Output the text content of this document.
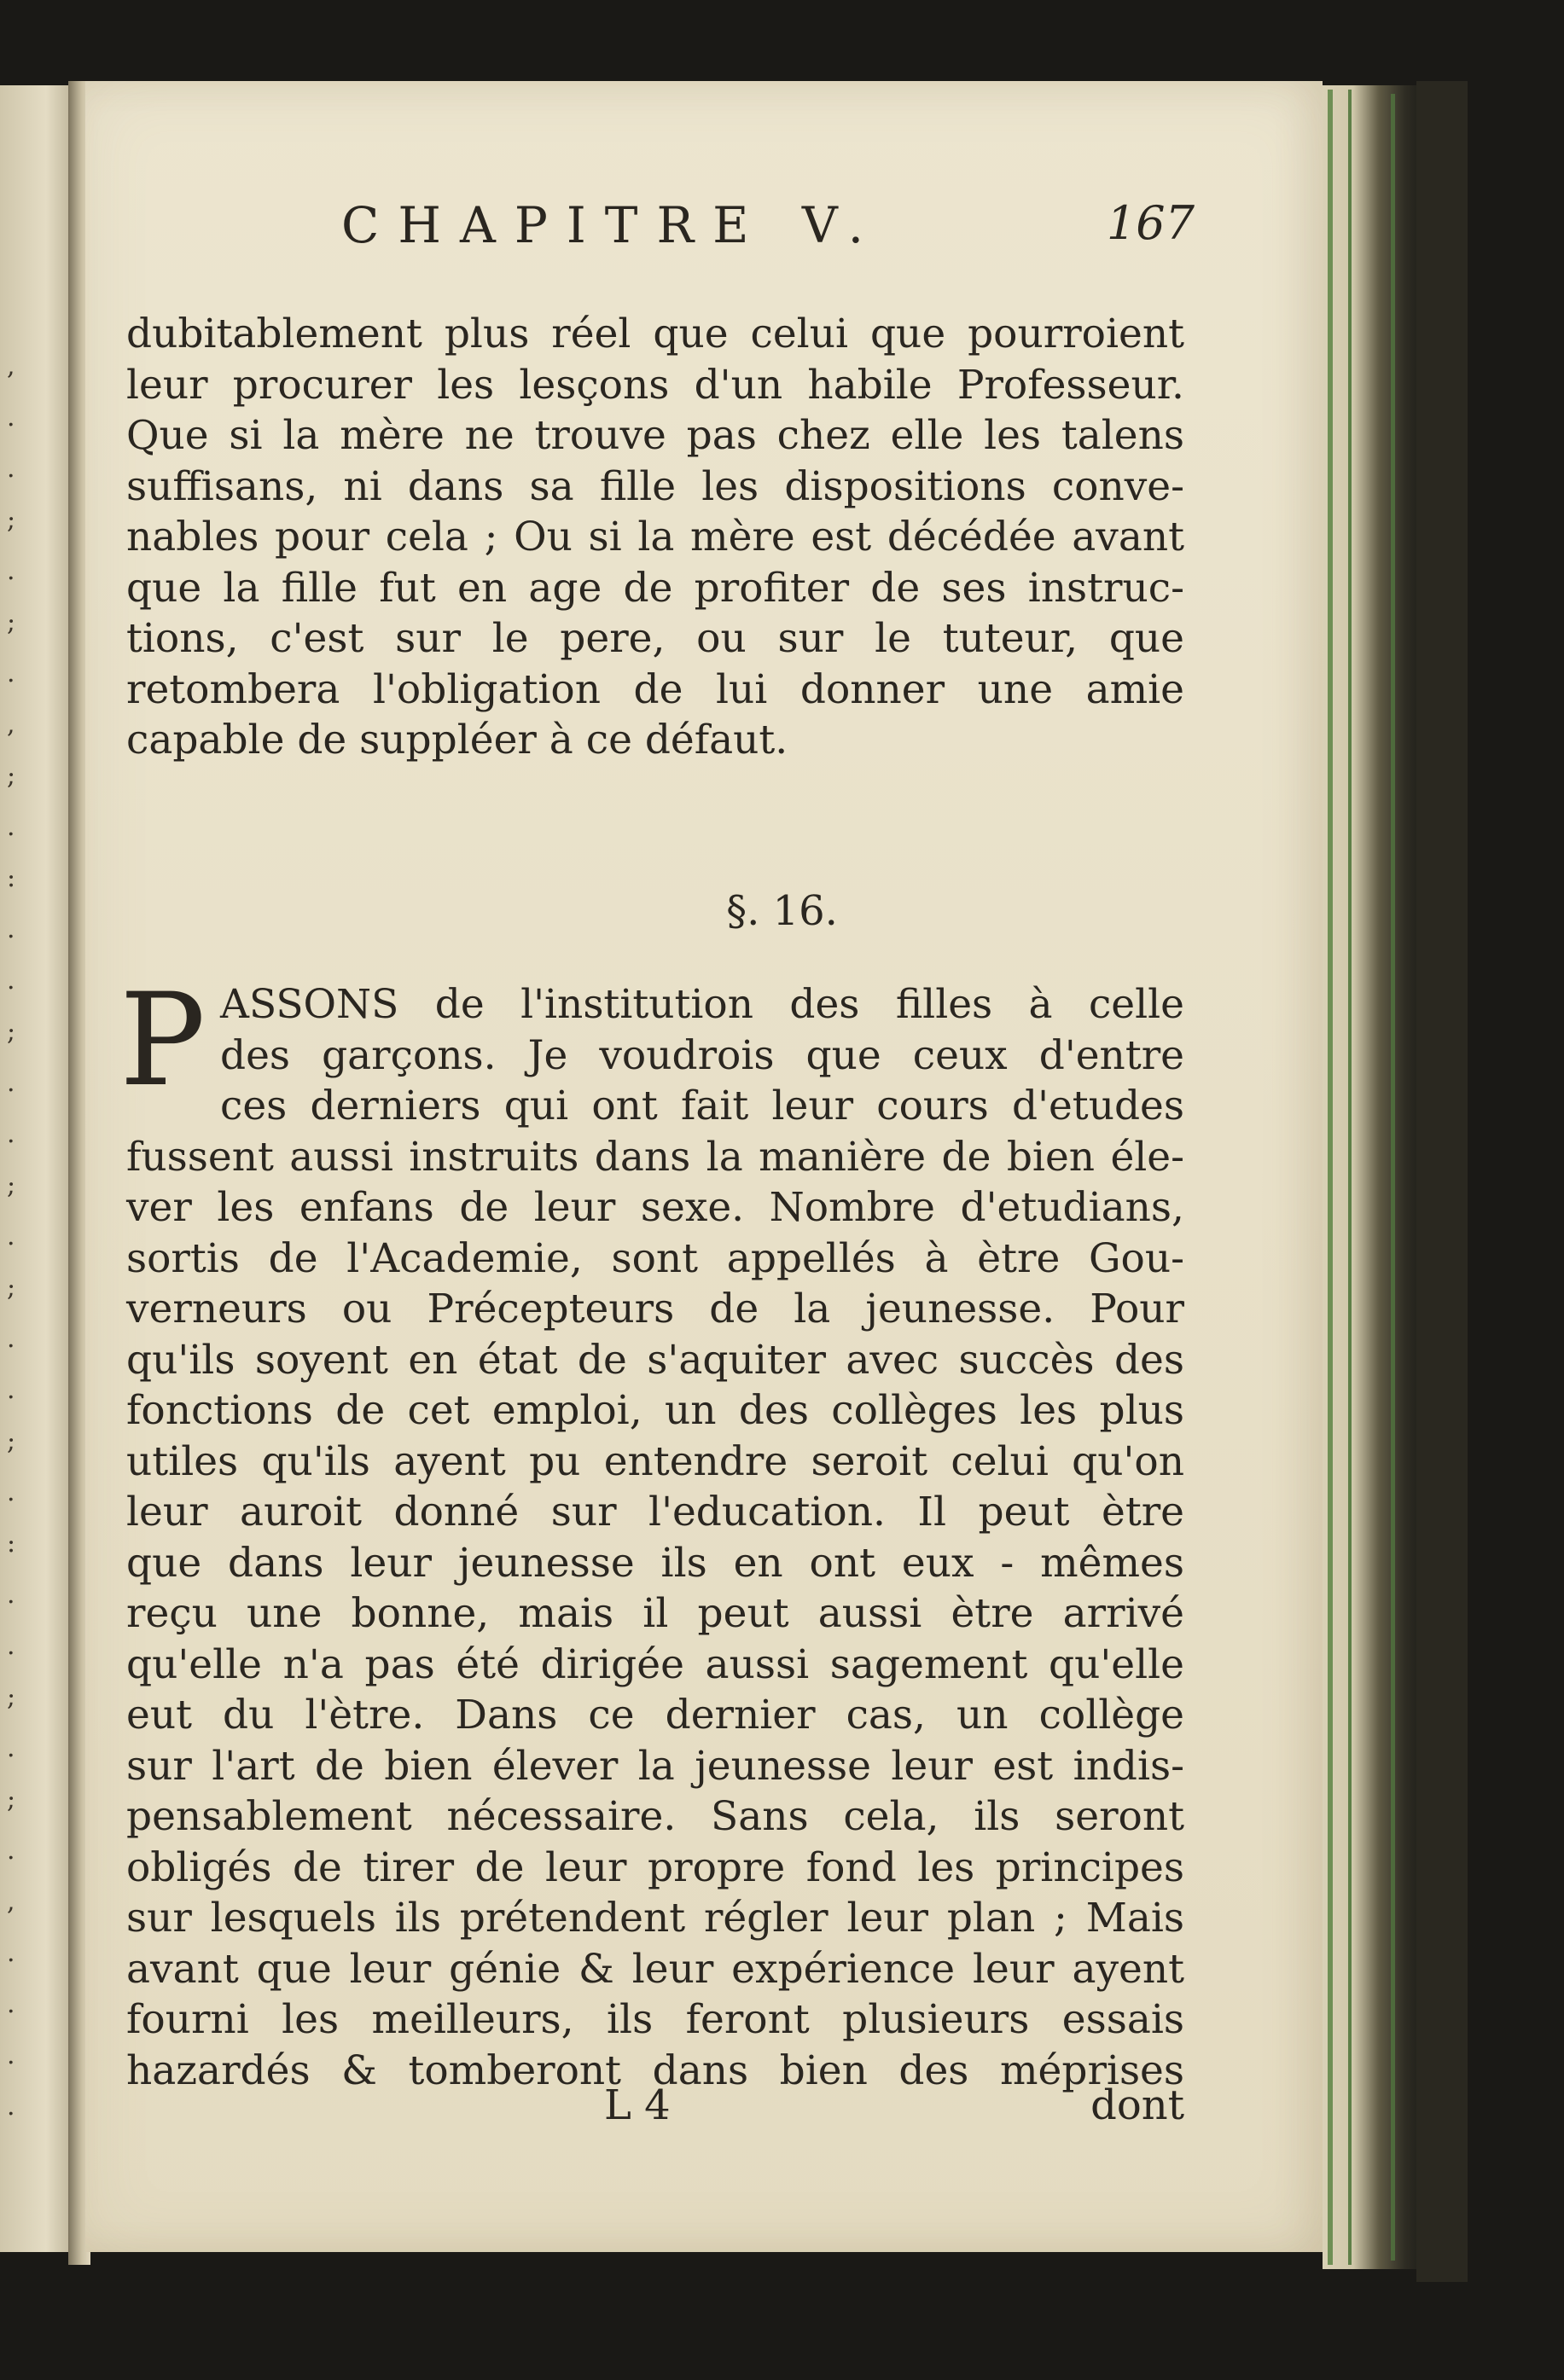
,
.
.
;
.
;
.
,
;
.
:
.
.
;
.
.
;
.
;
.
.
;
.
:
.
.
;
.
;
.
,
.
.
.
.
CHAPITRE V.	167
dubitablement plus réel que celui que pourroient
leur procurer les lesçons d'un habile Professeur.
Que si la mère ne trouve pas chez elle les talens
suffisans, ni dans sa fille les dispositions conve-
nables pour cela ; Ou si la mère est décédée avant
que la fille fut en age de profiter de ses instruc-
tions, c'est sur le pere, ou sur le tuteur, que
retombera l'obligation de lui donner une amie
capable de suppléer à ce défaut.
§. 16.
P ASSONS de l'institution des filles à celle
des garçons. Je voudrois que ceux d'entre
ces derniers qui ont fait leur cours d'etudes
fussent aussi instruits dans la manière de bien éle-
ver les enfans de leur sexe. Nombre d'etudians,
sortis de l'Academie, sont appellés à ètre Gou-
verneurs ou Précepteurs de la jeunesse. Pour
qu'ils soyent en état de s'aquiter avec succès des
fonctions de cet emploi, un des collèges les plus
utiles qu'ils ayent pu entendre seroit celui qu'on
leur auroit donné sur l'education. Il peut ètre
que dans leur jeunesse ils en ont eux - mêmes
reçu une bonne, mais il peut aussi ètre arrivé
qu'elle n'a pas été dirigée aussi sagement qu'elle
eut du l'ètre. Dans ce dernier cas, un collège
sur l'art de bien élever la jeunesse leur est indis-
pensablement nécessaire. Sans cela, ils seront
obligés de tirer de leur propre fond les principes
sur lesquels ils prétendent régler leur plan ; Mais
avant que leur génie & leur expérience leur ayent
fourni les meilleurs, ils feront plusieurs essais
hazardés & tomberont dans bien des méprises
L 4	dont
